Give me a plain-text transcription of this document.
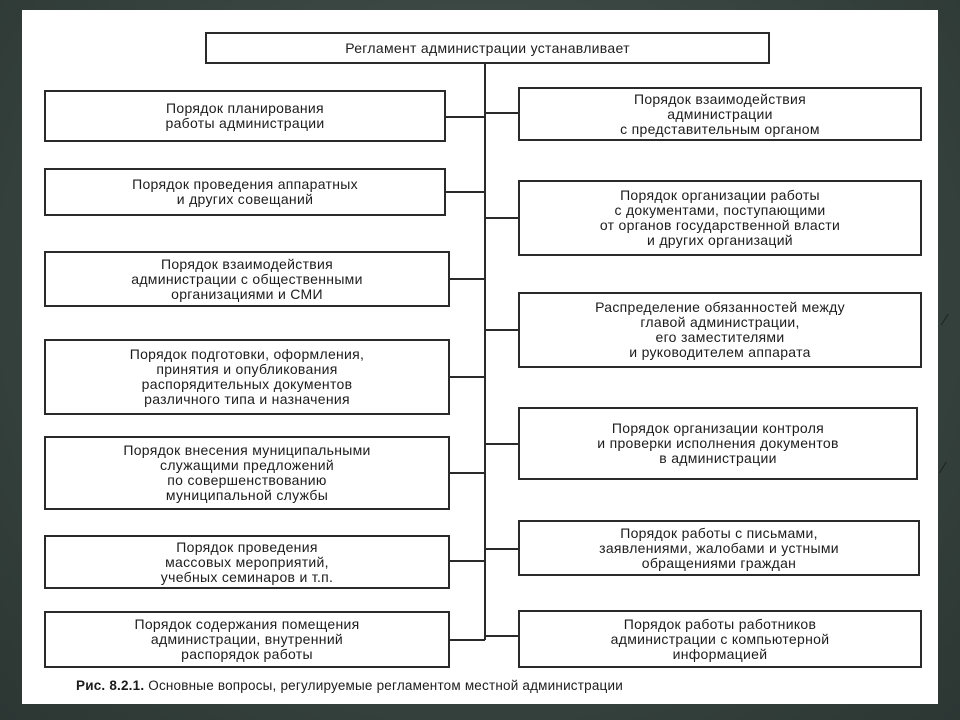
Регламент администрации устанавливает
Порядок планирования
работы администрации
Порядок проведения аппаратных
и других совещаний
Порядок взаимодействия
администрации с общественными
организациями и СМИ
Порядок подготовки, оформления,
принятия и опубликования
распорядительных документов
различного типа и назначения
Порядок внесения муниципальными
служащими предложений
по совершенствованию
муниципальной службы
Порядок проведения
массовых мероприятий,
учебных семинаров и т.п.
Порядок содержания помещения
администрации, внутренний
распорядок работы
Порядок взаимодействия
администрации
с представительным органом
Порядок организации работы
с документами, поступающими
от органов государственной власти
и других организаций
Распределение обязанностей между
главой администрации,
его заместителями
и руководителем аппарата
Порядок организации контроля
и проверки исполнения документов
в администрации
Порядок работы с письмами,
заявлениями, жалобами и устными
обращениями граждан
Порядок работы работников
администрации с компьютерной
информацией
Рис. 8.2.1. Основные вопросы, регулируемые регламентом местной администрации
⁄
⁄
